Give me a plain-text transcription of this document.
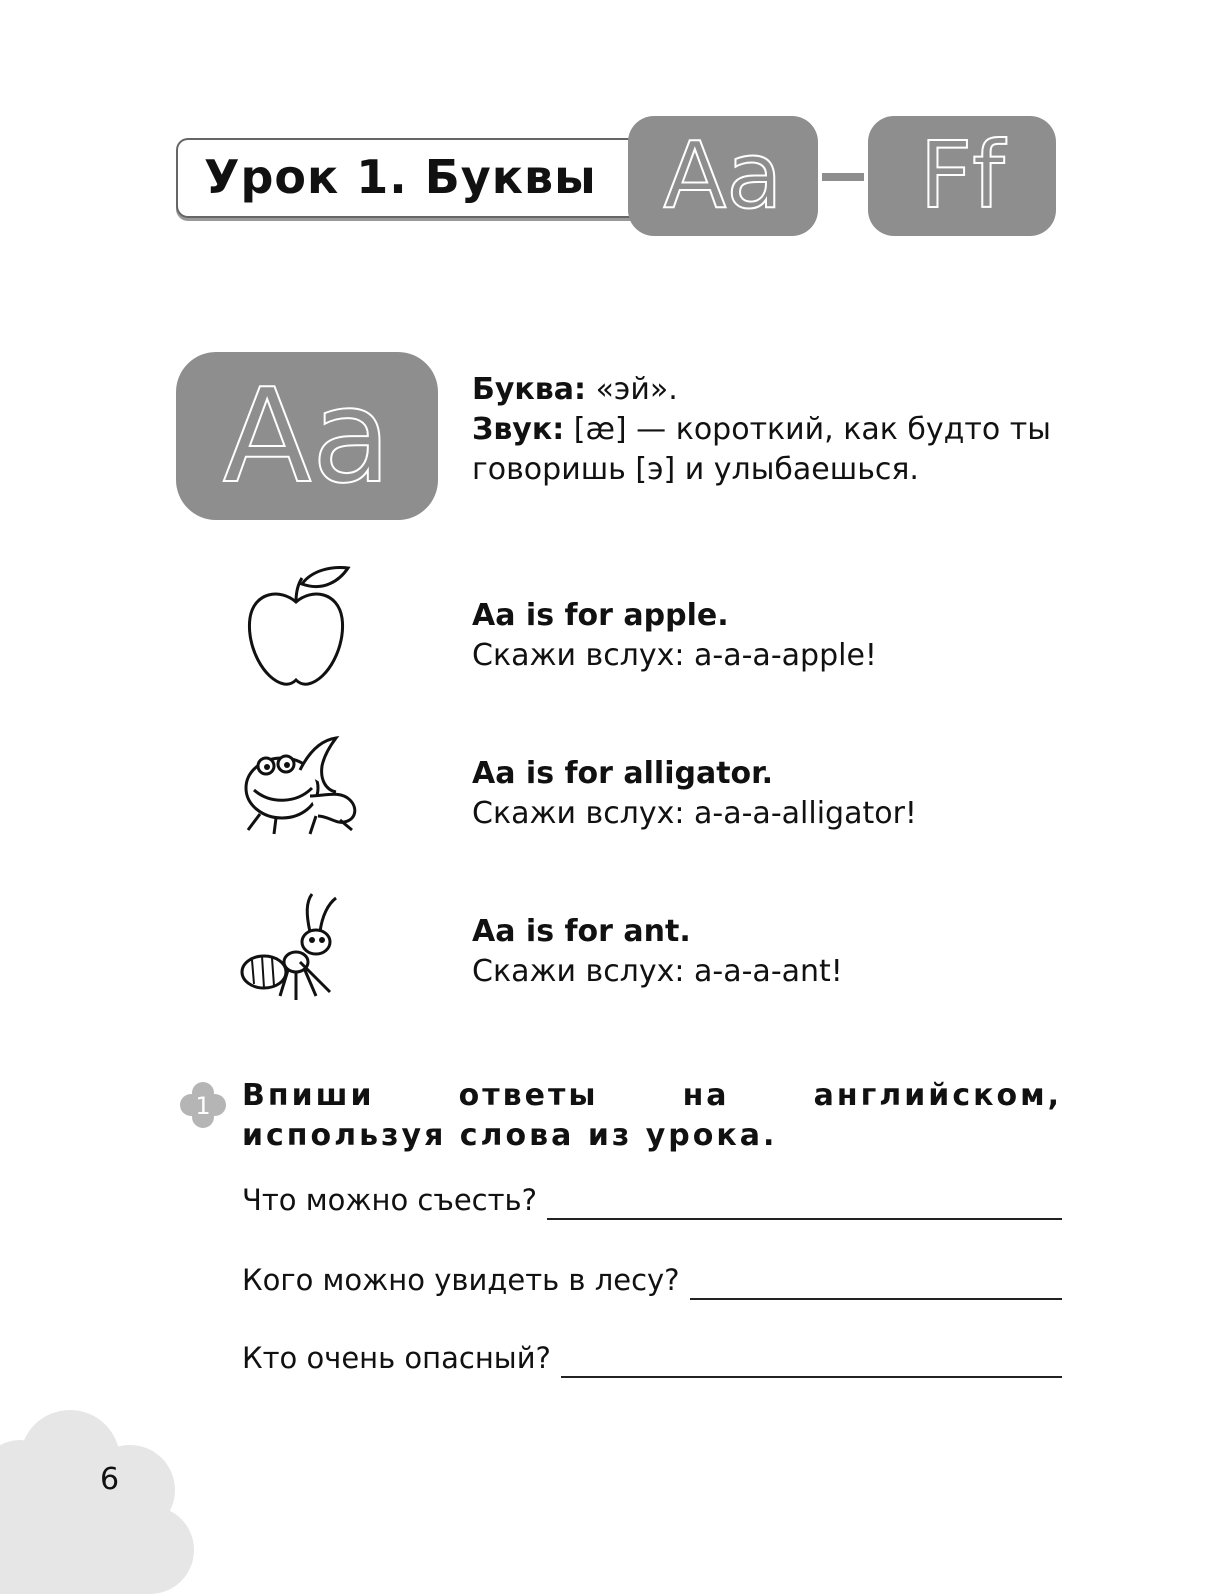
Урок 1. Буквы Aa	Ff
Aa	Буква: «эй».
Звук: [æ] — короткий, как будто ты
говоришь [э] и улыбаешься.
Aa is for apple.
Скажи вслух: a-a-a-apple!
Aa is for alligator.
Скажи вслух: a-a-a-alligator!
Aa is for ant.
Скажи вслух: a-a-a-ant!
1 Впиши ответы на английском, используя слова из урока.
Что можно съесть?
Кого можно увидеть в лесу?
Кто очень опасный?
6
